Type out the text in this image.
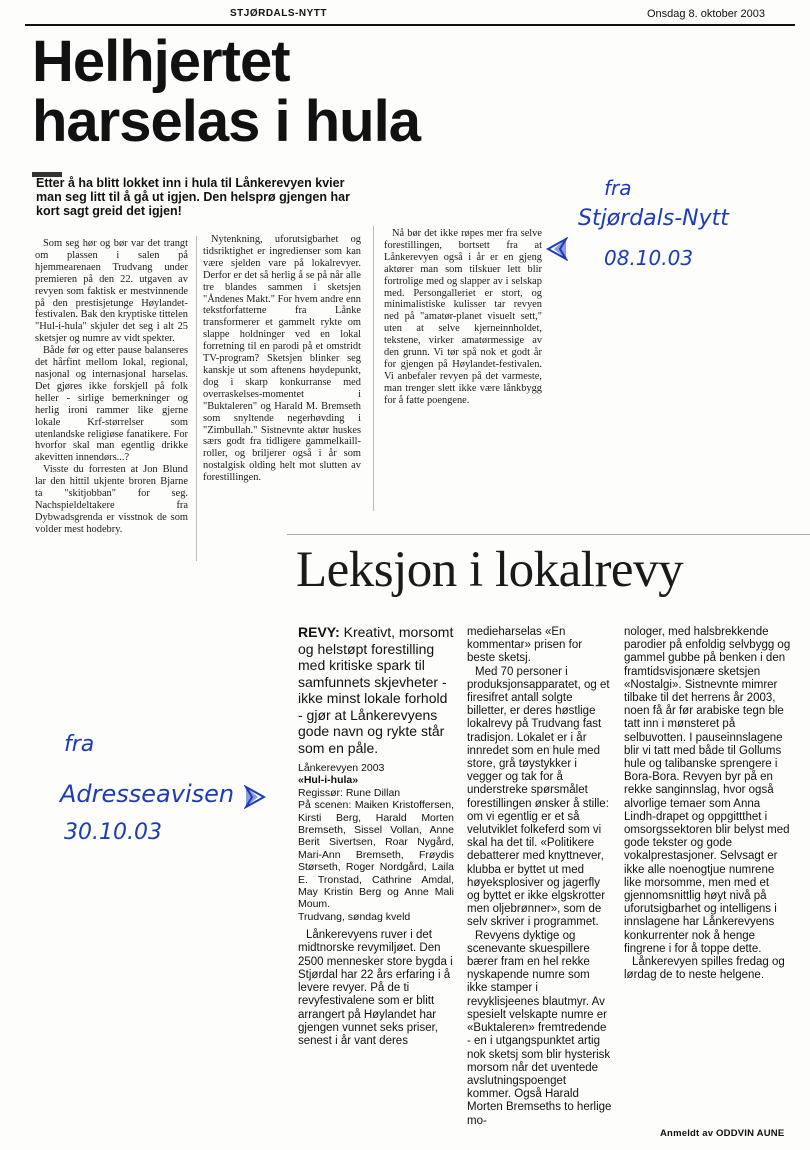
STJØRDALS-NYTT	Onsdag 8. oktober 2003
Helhjertet harselas i hula

Etter å ha blitt lokket inn i hula til Lånkerevyen kvier man seg litt til å gå ut igjen. Den helsprø gjengen har kort sagt greid det igjen!

Som seg hør og bør var det trangt om plassen i salen på hjemmearenaen Trudvang under premieren på den 22. utgaven av revyen som faktisk er mestvinnende på den prestisjetunge Høylandet-festivalen. Bak den kryptiske tittelen "Hul-i-hula" skjuler det seg i alt 25 sketsjer og numre av vidt spekter.

Både før og etter pause balanseres det hårfint mellom lokal, regional, nasjonal og internasjonal harselas. Det gjøres ikke forskjell på folk heller - sirlige bemerkninger og herlig ironi rammer like gjerne lokale Krf-størrelser som utenlandske religiøse fanatikere. For hvorfor skal man egentlig drikke akevitten innendørs...?

Visste du forresten at Jon Blund lar den hittil ukjente broren Bjarne ta "skitjobban" for seg. Nachspieldeltakere fra Dybwadsgrenda er visstnok de som volder mest hodebry.

Nytenkning, uforutsigbarhet og tidsriktighet er ingredienser som kan være sjelden vare på lokalrevyer. Derfor er det så herlig å se på når alle tre blandes sammen i sketsjen "Åndenes Makt." For hvem andre enn tekstforfatterne fra Lånke transformerer et gammelt rykte om slappe holdninger ved en lokal forretning til en parodi på et omstridt TV-program? Sketsjen blinker seg kanskje ut som aftenens høydepunkt, dog i skarp konkurranse med overraskelses-momentet i "Buktaleren" og Harald M. Bremseth som snyltende negerhøvding i "Zimbullah." Sistnevnte aktør huskes særs godt fra tidligere gammelkaill-roller, og briljerer også i år som nostalgisk olding helt mot slutten av forestillingen.

Nå bør det ikke røpes mer fra selve forestillingen, bortsett fra at Lånkerevyen også i år er en gjeng aktører man som tilskuer lett blir fortrolige med og slapper av i selskap med. Persongalleriet er stort, og minimalistiske kulisser tar revyen ned på "amatør-planet visuelt sett," uten at selve kjerneinnholdet, tekstene, virker amatørmessige av den grunn. Vi tør spå nok et godt år for gjengen på Høylandet-festivalen. Vi anbefaler revyen på det varmeste, man trenger slett ikke være lånkbygg for å fatte poengene.

fra
Stjørdals-Nytt
08.10.03
Leksjon i lokalrevy

REVY: Kreativt, morsomt og helstøpt forestilling med kritiske spark til samfunnets skjevheter - ikke minst lokale forhold - gjør at Lånkerevyens gode navn og rykte står som en påle.

Lånkerevyen 2003
«Hul-i-hula»
Regissør: Rune Dillan
På scenen: Maiken Kristoffersen, Kirsti Berg, Harald Morten Bremseth, Sissel Vollan, Anne Berit Sivertsen, Roar Nygård, Mari-Ann Bremseth, Frøydis Størseth, Roger Nordgård, Laila E. Tronstad, Cathrine Amdal, May Kristin Berg og Anne Mali Moum.
Trudvang, søndag kveld

Lånkerevyens ruver i det midtnorske revymiljøet. Den 2500 mennesker store bygda i Stjørdal har 22 års erfaring i å levere revyer. På de ti revyfestivalene som er blitt arrangert på Høylandet har gjengen vunnet seks priser, senest i år vant deres

medieharselas «En kommentar» prisen for beste sketsj.

Med 70 personer i produksjonsapparatet, og et firesifret antall solgte billetter, er deres høstlige lokalrevy på Trudvang fast tradisjon. Lokalet er i år innredet som en hule med store, grå tøystykker i vegger og tak for å understreke spørsmålet forestillingen ønsker å stille: om vi egentlig er et så velutviklet folkeferd som vi skal ha det til. «Politikere debatterer med knyttnever, klubba er byttet ut med høyeksplosiver og jagerfly og byttet er ikke elgskrotter men oljebrønner», som de selv skriver i programmet.

Revyens dyktige og scenevante skuespillere bærer fram en hel rekke nyskapende numre som ikke stamper i revyklisjeenes blautmyr. Av spesielt velskapte numre er «Buktaleren» fremtredende - en i utgangspunktet artig nok sketsj som blir hysterisk morsom når det uventede avslutningspoenget kommer. Også Harald Morten Bremseths to herlige mo-

nologer, med halsbrekkende parodier på enfoldig selvbygg og gammel gubbe på benken i den framtidsvisjonære sketsjen «Nostalgi». Sistnevnte mimrer tilbake til det herrens år 2003, noen få år før arabiske tegn ble tatt inn i mønsteret på selbuvotten. I pauseinnslagene blir vi tatt med både til Gollums hule og talibanske sprengere i Bora-Bora. Revyen byr på en rekke sanginnslag, hvor også alvorlige temaer som Anna Lindh-drapet og oppgittthet i omsorgssektoren blir belyst med gode tekster og gode vokalprestasjoner. Selvsagt er ikke alle noenogtjue numrene like morsomme, men med et gjennomsnittlig høyt nivå på uforutsigbarhet og intelligens i innslagene har Lånkerevyens konkurrenter nok å henge fingrene i for å toppe dette.

Lånkerevyen spilles fredag og lørdag de to neste helgene.

Anmeldt av ODDVIN AUNE
fra
Adresseavisen
30.10.03
